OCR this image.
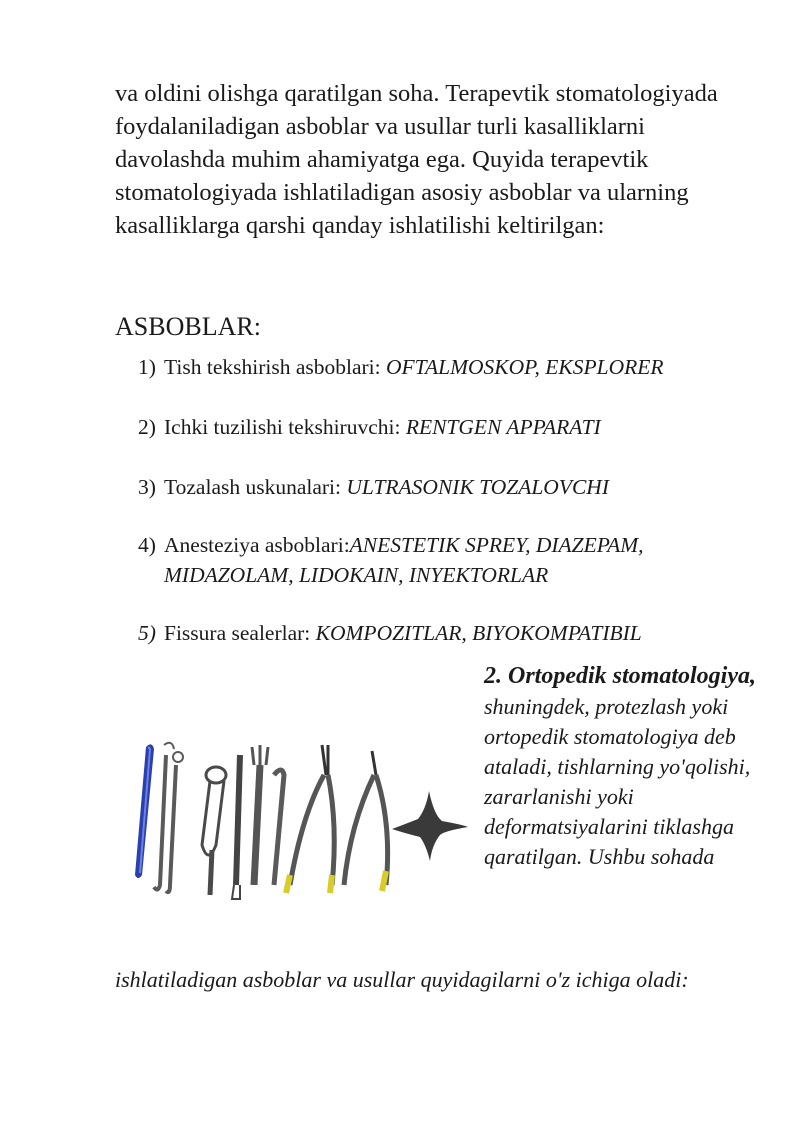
va oldini olishga qaratilgan soha. Terapevtik stomatologiyada foydalaniladigan asboblar va usullar turli kasalliklarni davolashda muhim ahamiyatga ega. Quyida terapevtik stomatologiyada ishlatiladigan asosiy asboblar va ularning kasalliklarga qarshi qanday ishlatilishi keltirilgan:

ASBOBLAR:

1) Tish tekshirish asboblari: OFTALMOSKOP, EKSPLORER
2) Ichki tuzilishi tekshiruvchi: RENTGEN APPARATI
3) Tozalash uskunalari: ULTRASONIK TOZALOVCHI
4) Anesteziya asboblari:ANESTETIK SPREY, DIAZEPAM, MIDAZOLAM, LIDOKAIN, INYEKTORLAR
5) Fissura sealerlar: KOMPOZITLAR, BIYOKOMPATIBIL

2. Ortopedik stomatologiya,

shuningdek, protezlash yoki ortopedik stomatologiya deb ataladi, tishlarning yo'qolishi, zararlanishi yoki deformatsiyalarini tiklashga qaratilgan. Ushbu sohada

ishlatiladigan asboblar va usullar quyidagilarni o'z ichiga oladi:
